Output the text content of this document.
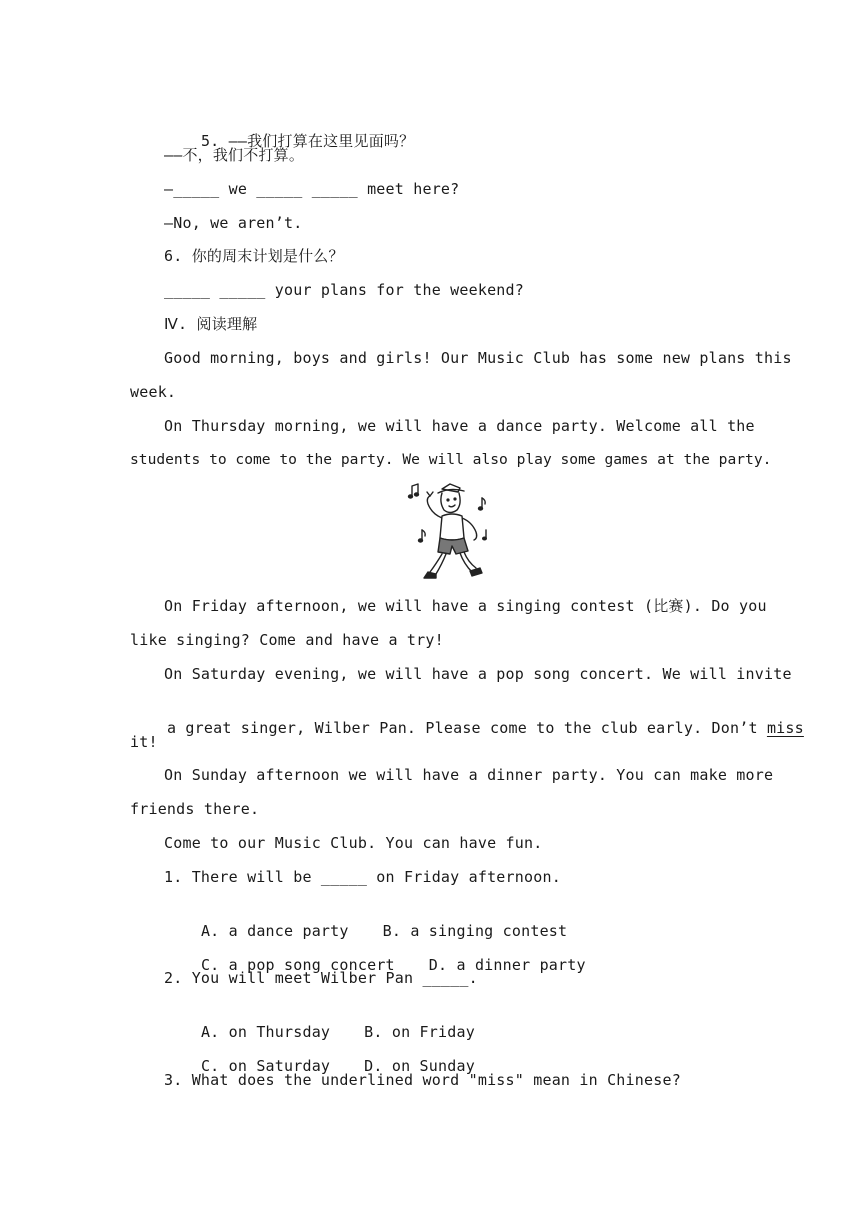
5. ——我们打算在这里见面吗？

——不，我们不打算。
—_____ we _____ _____ meet here?
—No, we aren’t.
6. 你的周末计划是什么？
_____ _____ your plans for the weekend?
Ⅳ. 阅读理解
Good morning, boys and girls! Our Music Club has some new plans this
week.
On Thursday morning, we will have a dance party. Welcome all the
students to come to the party. We will also play some games at the party.
On Friday afternoon, we will have a singing contest (比赛). Do you
like singing? Come and have a try!
On Saturday evening, we will have a pop song concert. We will invite

a great singer, Wilber Pan. Please come to the club early. Don’t miss

it!
On Sunday afternoon we will have a dinner party. You can make more
friends there.
Come to our Music Club. You can have fun.
1. There will be _____ on Friday afternoon.

A. a dance party B. a singing contest

C. a pop song concert D. a dinner party

2. You will meet Wilber Pan _____.

A. on Thursday B. on Friday

C. on Saturday D. on Sunday

3. What does the underlined word "miss" mean in Chinese?
